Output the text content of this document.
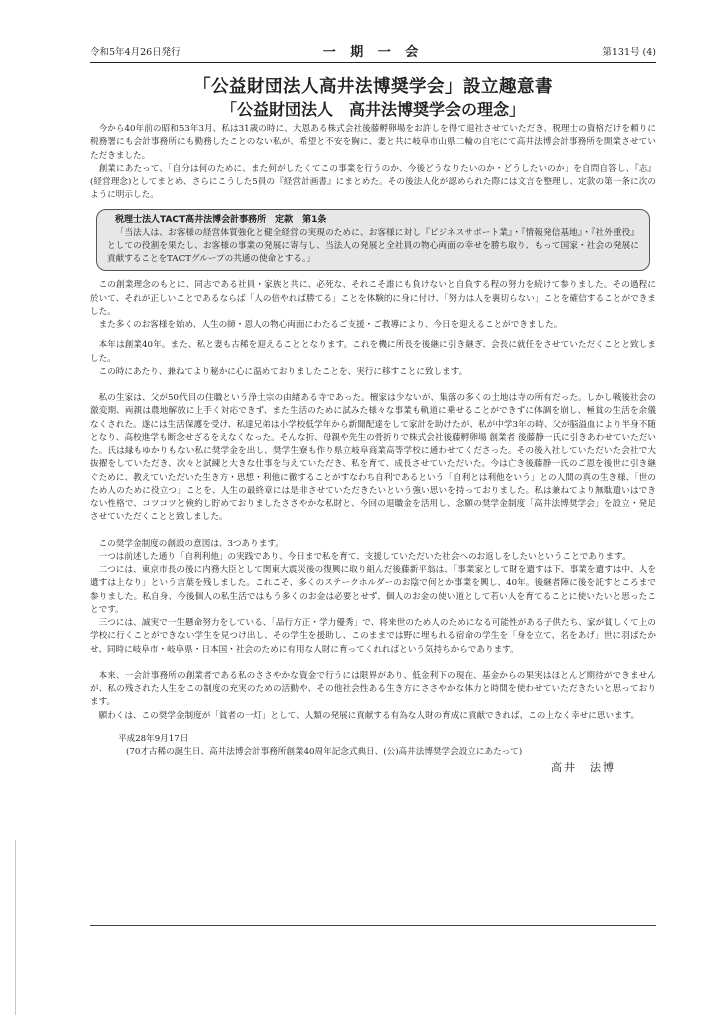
令和5年4月26日発行	一 期 一 会	第131号 (4)
「公益財団法人高井法博奨学会」設立趣意書
「公益財団法人　高井法博奨学会の理念」

今から40年前の昭和53年3月、私は31歳の時に、大恩ある株式会社後藤孵卵場をお許しを得て退社させていただき、税理士の資格だけを頼りに税務署にも会計事務所にも勤務したことのない私が、希望と不安を胸に、妻と共に岐阜市山県二輪の自宅にて高井法博会計事務所を開業させていただきました。

創業にあたって、「自分は何のために、また何がしたくてこの事業を行うのか、今後どうなりたいのか・どうしたいのか」を自問自答し、『志』(経営理念)としてまとめ、さらにこうした5員の『経営計画書』にまとめた。その後法人化が認められた際には文言を整理し、定款の第一条に次のように明示した。

税理士法人TACT高井法博会計事務所　定款　第1条

「当法人は、お客様の経営体質強化と健全経営の実現のために、お客様に対し『ビジネスサポート業』・『情報発信基地』・『社外重役』としての役割を果たし、お客様の事業の発展に寄与し、当法人の発展と全社員の物心両面の幸せを勝ち取り、もって国家・社会の発展に貢献することをTACTグループの共通の使命とする。」

この創業理念のもとに、同志である社員・家族と共に、必死な、それこそ誰にも負けないと自負する程の努力を続けて参りました。その過程に於いて、それが正しいことであるならば「人の倍やれば勝てる」ことを体験的に身に付け、「努力は人を裏切らない」ことを確信することができました。

また多くのお客様を始め、人生の師・恩人の物心両面にわたるご支援・ご教導により、今日を迎えることができました。

本年は創業40年。また、私と妻も古稀を迎えることとなります。これを機に所長を後継に引き継ぎ、会長に就任をさせていただくことと致しました。

この時にあたり、兼ねてより秘かに心に温めておりましたことを、実行に移すことに致します。

私の生家は、父が50代目の住職という浄土宗の由緒ある寺であった。檀家は少ないが、集落の多くの土地は寺の所有だった。しかし戦後社会の激変期、両親は農地解放に上手く対応できず、また生活のために試みた様々な事業も軌道に乗せることができずに体調を崩し、極貧の生活を余儀なくされた。遂には生活保護を受け、私達兄弟は小学校低学年から新聞配達をして家計を助けたが、私が中学3年の時、父が脳溢血により半身不随となり、高校進学も断念せざるをえなくなった。そんな折、母親や先生の骨折りで株式会社後藤孵卵場 創業者 後藤静一氏に引きあわせていただいた。氏は縁もゆかりもない私に奨学金を出し、奨学生寮も作り県立岐阜商業高等学校に通わせてくださった。その後入社していただいた会社で大抜擢をしていただき、次々と試練と大きな仕事を与えていただき、私を育て、成長させていただいた。今は亡き後藤静一氏のご恩を後世に引き継ぐために、教えていただいた生き方・思想・利他に徹することがすなわち自利であるという「自利とは利他をいう」との人間の真の生き様、「世のため人のために役立つ」ことを、人生の最終章には是非させていただきたいという強い思いを持っておりました。私は兼ねてより無駄遣いはできない性格で、コツコツと倹約し貯めておりましたささやかな私財と、今回の退職金を活用し、念願の奨学金制度「高井法博奨学会」を設立・発足させていただくことと致しました。

この奨学金制度の創設の意図は、3つあります。

一つは前述した通り「自利利他」の実践であり、今日まで私を育て、支援していただいた社会へのお返しをしたいということであります。

二つには、東京市長の後に内務大臣として関東大震災後の復興に取り組んだ後藤新平翁は、「事業家として財を遺すは下、事業を遺すは中、人を遺すは上なり」という言葉を残しました。これこそ、多くのステークホルダーのお陰で何とか事業を興し、40年。後継者陣に後を託すところまで参りました。私自身、今後個人の私生活ではもう多くのお金は必要とせず、個人のお金の使い道として若い人を育てることに使いたいと思ったことです。

三つには、誠実で一生懸命努力をしている、「品行方正・学力優秀」で、将来世のため人のためになる可能性がある子供たち、家が貧しくて上の学校に行くことができない学生を見つけ出し、その学生を援助し、このままでは野に埋もれる宿命の学生を「身を立て、名をあげ」世に羽ばたかせ、同時に岐阜市・岐阜県・日本国・社会のために有用な人財に育ってくれればという気持ちからであります。

本来、一会計事務所の創業者である私のささやかな資金で行うには限界があり、低金利下の現在、基金からの果実はほとんど期待ができませんが、私の残された人生をこの制度の充実のための活動や、その他社会性ある生き方にささやかな体力と時間を使わせていただきたいと思っております。

願わくは、この奨学金制度が「貧者の一灯」として、人類の発展に貢献する有為な人財の育成に貢献できれば、この上なく幸せに思います。

平成28年9月17日
(70才古稀の誕生日、高井法博会計事務所創業40周年記念式典日、(公)高井法博奨学会設立にあたって)
高井　法博
